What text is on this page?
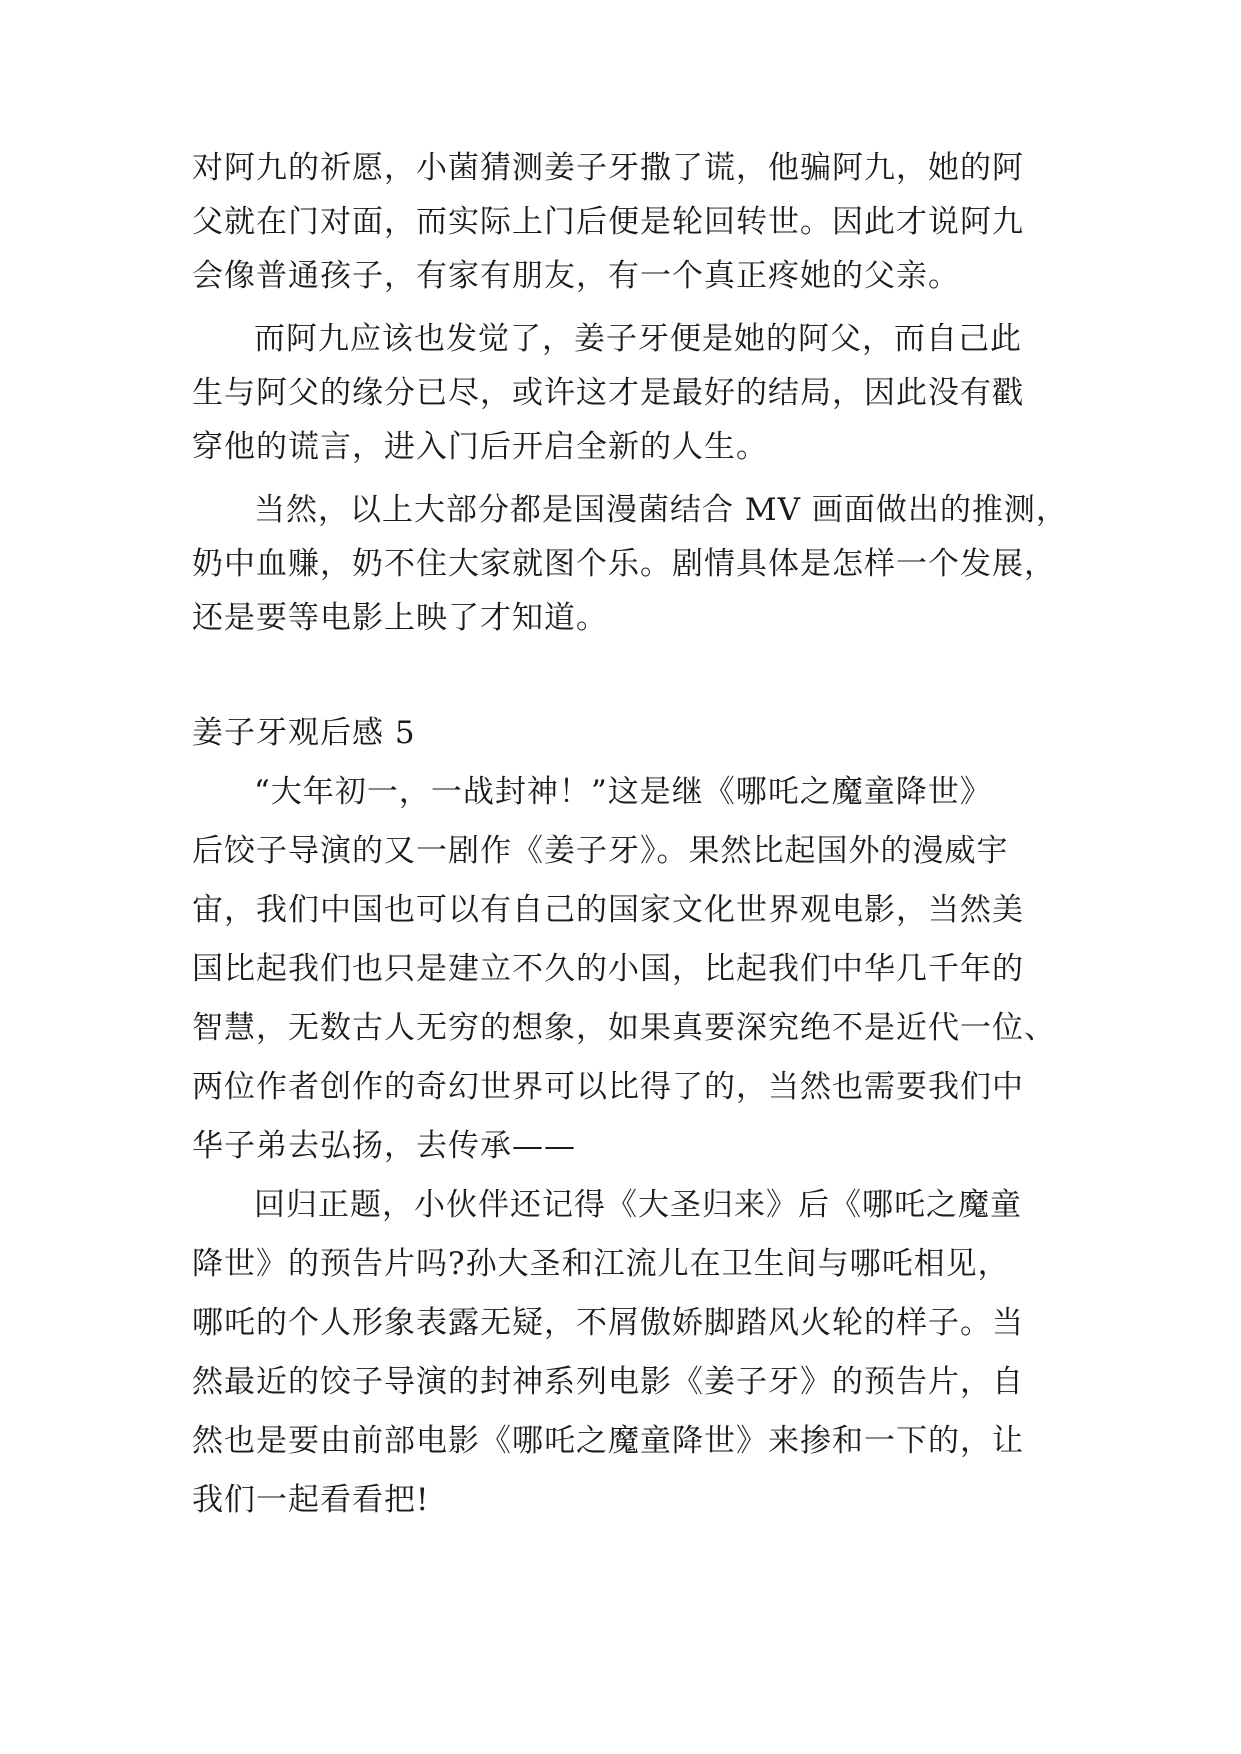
对阿九的祈愿，小菌猜测姜子牙撒了谎，他骗阿九，她的阿
父就在门对面，而实际上门后便是轮回转世。因此才说阿九
会像普通孩子，有家有朋友，有一个真正疼她的父亲。
而阿九应该也发觉了，姜子牙便是她的阿父，而自己此
生与阿父的缘分已尽，或许这才是最好的结局，因此没有戳
穿他的谎言，进入门后开启全新的人生。
当然，以上大部分都是国漫菌结合 MV 画面做出的推测，
奶中血赚，奶不住大家就图个乐。剧情具体是怎样一个发展，
还是要等电影上映了才知道。
姜子牙观后感 5
“大年初一，一战封神！”这是继《哪吒之魔童降世》
后饺子导演的又一剧作《姜子牙》。果然比起国外的漫威宇
宙，我们中国也可以有自己的国家文化世界观电影，当然美
国比起我们也只是建立不久的小国，比起我们中华几千年的
智慧，无数古人无穷的想象，如果真要深究绝不是近代一位、
两位作者创作的奇幻世界可以比得了的，当然也需要我们中
华子弟去弘扬，去传承——
回归正题，小伙伴还记得《大圣归来》后《哪吒之魔童
降世》的预告片吗?孙大圣和江流儿在卫生间与哪吒相见，
哪吒的个人形象表露无疑，不屑傲娇脚踏风火轮的样子。当
然最近的饺子导演的封神系列电影《姜子牙》的预告片，自
然也是要由前部电影《哪吒之魔童降世》来掺和一下的，让
我们一起看看把!
